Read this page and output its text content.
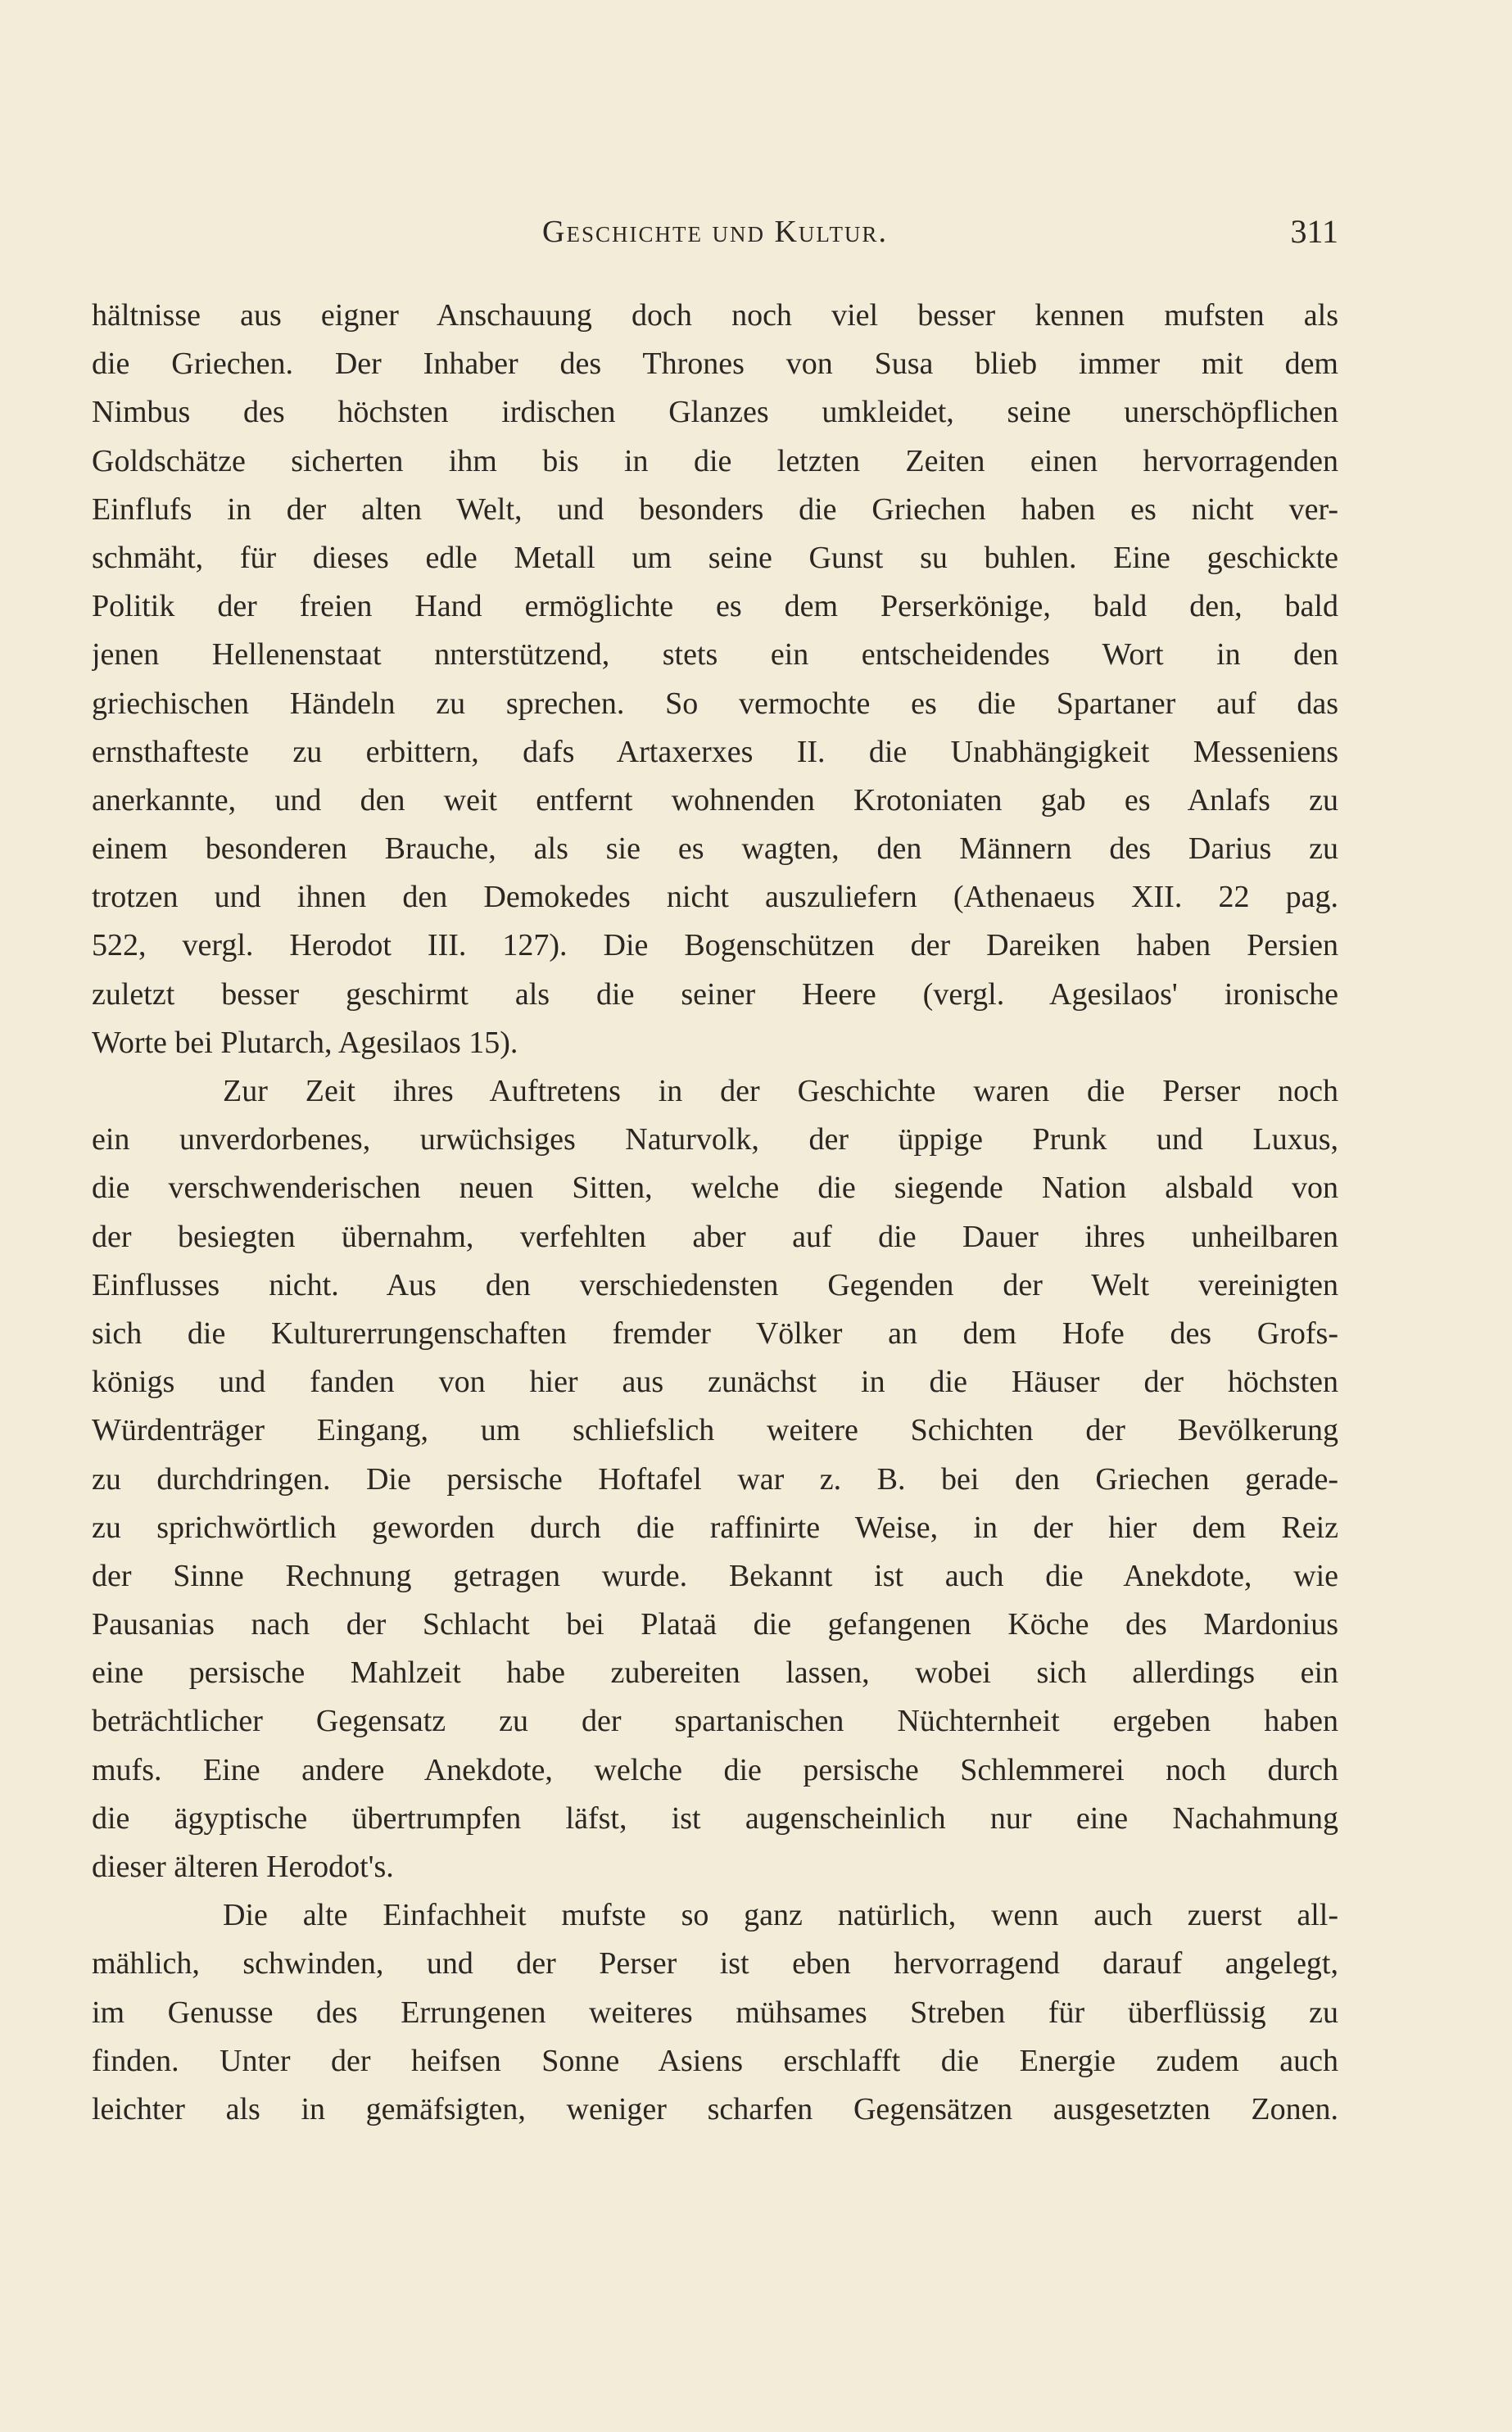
Geschichte und Kultur.	311
hältnisse aus eigner Anschauung doch noch viel besser kennen mufsten als
die Griechen. Der Inhaber des Thrones von Susa blieb immer mit dem
Nimbus des höchsten irdischen Glanzes umkleidet, seine unerschöpflichen
Goldschätze sicherten ihm bis in die letzten Zeiten einen hervorragenden
Einflufs in der alten Welt, und besonders die Griechen haben es nicht ver-
schmäht, für dieses edle Metall um seine Gunst su buhlen. Eine geschickte
Politik der freien Hand ermöglichte es dem Perserkönige, bald den, bald
jenen Hellenenstaat nnterstützend, stets ein entscheidendes Wort in den
griechischen Händeln zu sprechen. So vermochte es die Spartaner auf das
ernsthafteste zu erbittern, dafs Artaxerxes II. die Unabhängigkeit Messeniens
anerkannte, und den weit entfernt wohnenden Krotoniaten gab es Anlafs zu
einem besonderen Brauche, als sie es wagten, den Männern des Darius zu
trotzen und ihnen den Demokedes nicht auszuliefern (Athenaeus XII. 22 pag.
522, vergl. Herodot III. 127). Die Bogenschützen der Dareiken haben Persien
zuletzt besser geschirmt als die seiner Heere (vergl. Agesilaos' ironische
Worte bei Plutarch, Agesilaos 15).
Zur Zeit ihres Auftretens in der Geschichte waren die Perser noch
ein unverdorbenes, urwüchsiges Naturvolk, der üppige Prunk und Luxus,
die verschwenderischen neuen Sitten, welche die siegende Nation alsbald von
der besiegten übernahm, verfehlten aber auf die Dauer ihres unheilbaren
Einflusses nicht. Aus den verschiedensten Gegenden der Welt vereinigten
sich die Kulturerrungenschaften fremder Völker an dem Hofe des Grofs-
königs und fanden von hier aus zunächst in die Häuser der höchsten
Würdenträger Eingang, um schliefslich weitere Schichten der Bevölkerung
zu durchdringen. Die persische Hoftafel war z. B. bei den Griechen gerade-
zu sprichwörtlich geworden durch die raffinirte Weise, in der hier dem Reiz
der Sinne Rechnung getragen wurde. Bekannt ist auch die Anekdote, wie
Pausanias nach der Schlacht bei Plataä die gefangenen Köche des Mardonius
eine persische Mahlzeit habe zubereiten lassen, wobei sich allerdings ein
beträchtlicher Gegensatz zu der spartanischen Nüchternheit ergeben haben
mufs. Eine andere Anekdote, welche die persische Schlemmerei noch durch
die ägyptische übertrumpfen läfst, ist augenscheinlich nur eine Nachahmung
dieser älteren Herodot's.
Die alte Einfachheit mufste so ganz natürlich, wenn auch zuerst all-
mählich, schwinden, und der Perser ist eben hervorragend darauf angelegt,
im Genusse des Errungenen weiteres mühsames Streben für überflüssig zu
finden. Unter der heifsen Sonne Asiens erschlafft die Energie zudem auch
leichter als in gemäfsigten, weniger scharfen Gegensätzen ausgesetzten Zonen.
